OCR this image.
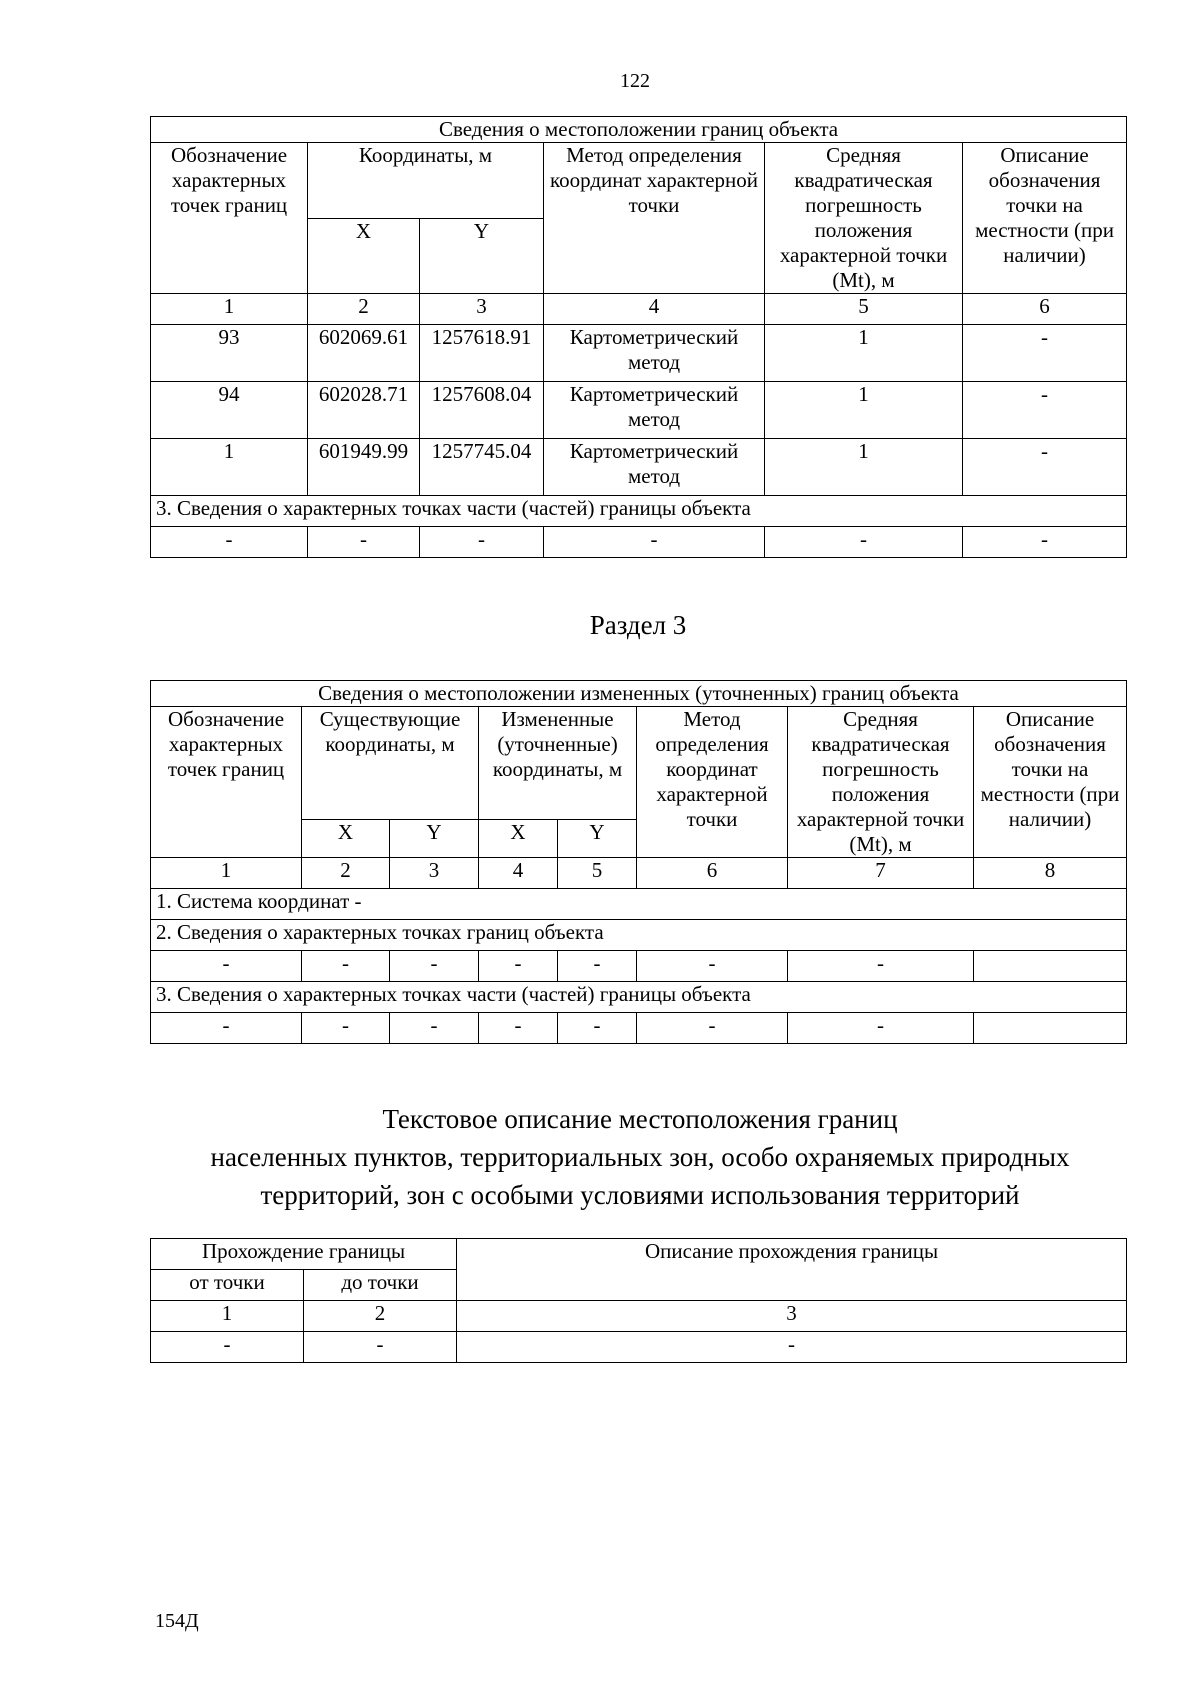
122
Сведения о местоположении границ объекта					
Обозначение характерных точек границ	Координаты, м		Метод определения координат характерной точки	Средняя квадратическая погрешность положения характерной точки (Mt), м	Описание обозначения точки на местности (при наличии)
	X	Y			
1	2	3	4	5	6
93	602069.61	1257618.91	Картометрический метод	1	-
94	602028.71	1257608.04	Картометрический метод	1	-
1	601949.99	1257745.04	Картометрический метод	1	-
3. Сведения о характерных точках части (частей) границы объекта					
-	-	-	-	-	-
Раздел 3
Сведения о местоположении измененных (уточненных) границ объекта							
Обозначение характерных точек границ	Существующие координаты, м		Измененные (уточненные) координаты, м		Метод определения координат характерной точки	Средняя квадратическая погрешность положения характерной точки (Mt), м	Описание обозначения точки на местности (при наличии)
	X	Y	X	Y			
1	2	3	4	5	6	7	8
1. Система координат -							
2. Сведения о характерных точках границ объекта							
-	-	-	-	-	-	-	
3. Сведения о характерных точках части (частей) границы объекта							
-	-	-	-	-	-	-	
Текстовое описание местоположения границ
населенных пунктов, территориальных зон, особо охраняемых природных
территорий, зон с особыми условиями использования территорий
Прохождение границы		Описание прохождения границы
от точки	до точки	
1	2	3
-	-	-
154Д
